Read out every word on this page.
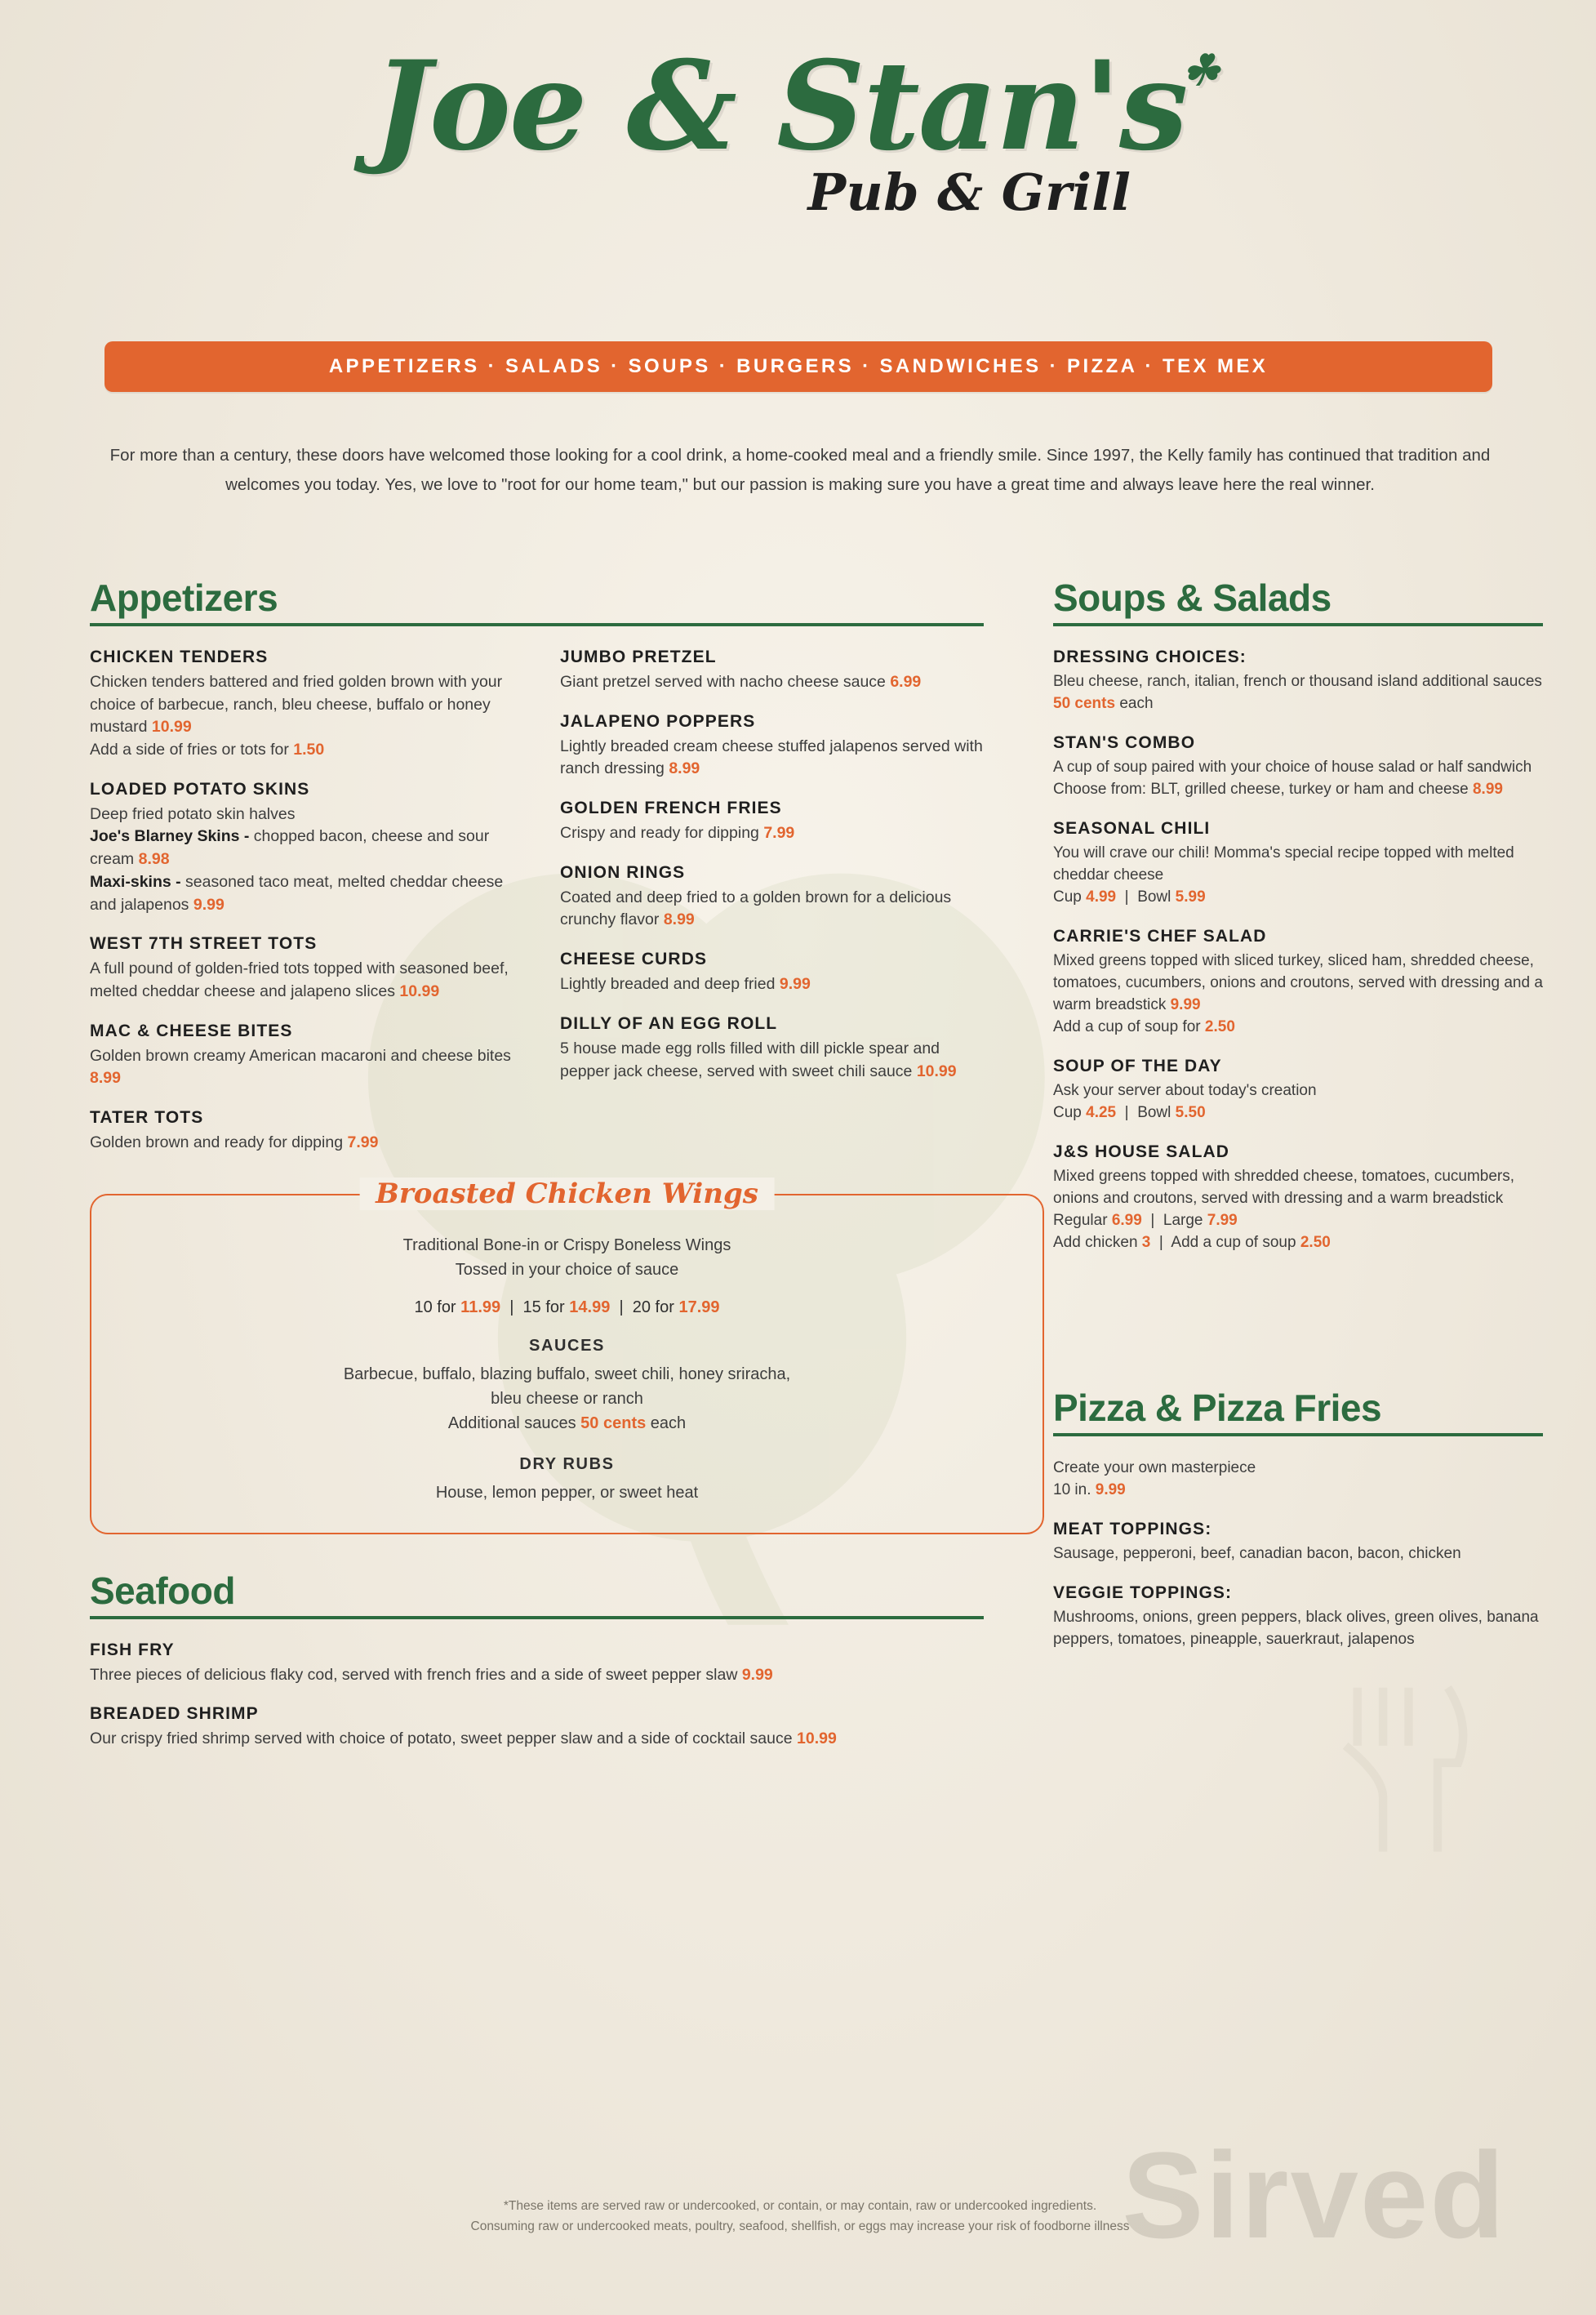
Sirved
Joe & Stan's☘
Pub & Grill
APPETIZERS · SALADS · SOUPS · BURGERS · SANDWICHES · PIZZA · TEX MEX
For more than a century, these doors have welcomed those looking for a cool drink, a home-cooked meal and a friendly smile. Since 1997, the Kelly family has continued that tradition and welcomes you today. Yes, we love to "root for our home team," but our passion is making sure you have a great time and always leave here the real winner.
Appetizers
CHICKEN TENDERS
Chicken tenders battered and fried golden brown with your choice of barbecue, ranch, bleu cheese, buffalo or honey mustard 10.99
Add a side of fries or tots for 1.50
LOADED POTATO SKINS
Deep fried potato skin halves
Joe's Blarney Skins - chopped bacon, cheese and sour cream 8.98
Maxi-skins - seasoned taco meat, melted cheddar cheese and jalapenos 9.99
WEST 7TH STREET TOTS
A full pound of golden-fried tots topped with seasoned beef, melted cheddar cheese and jalapeno slices 10.99
MAC & CHEESE BITES
Golden brown creamy American macaroni and cheese bites 8.99
TATER TOTS
Golden brown and ready for dipping 7.99
JUMBO PRETZEL
Giant pretzel served with nacho cheese sauce 6.99
JALAPENO POPPERS
Lightly breaded cream cheese stuffed jalapenos served with ranch dressing 8.99
GOLDEN FRENCH FRIES
Crispy and ready for dipping 7.99
ONION RINGS
Coated and deep fried to a golden brown for a delicious crunchy flavor 8.99
CHEESE CURDS
Lightly breaded and deep fried 9.99
DILLY OF AN EGG ROLL
5 house made egg rolls filled with dill pickle spear and pepper jack cheese, served with sweet chili sauce 10.99
Broasted Chicken Wings
Traditional Bone-in or Crispy Boneless Wings
Tossed in your choice of sauce
10 for 11.99  |  15 for 14.99  |  20 for 17.99
SAUCES
Barbecue, buffalo, blazing buffalo, sweet chili, honey sriracha,
bleu cheese or ranch
Additional sauces 50 cents each
DRY RUBS
House, lemon pepper, or sweet heat
Seafood
FISH FRY
Three pieces of delicious flaky cod, served with french fries and a side of sweet pepper slaw 9.99
BREADED SHRIMP
Our crispy fried shrimp served with choice of potato, sweet pepper slaw and a side of cocktail sauce 10.99
Soups & Salads
DRESSING CHOICES:
Bleu cheese, ranch, italian, french or thousand island additional sauces 50 cents each
STAN'S COMBO
A cup of soup paired with your choice of house salad or half sandwich Choose from: BLT, grilled cheese, turkey or ham and cheese 8.99
SEASONAL CHILI
You will crave our chili! Momma's special recipe topped with melted cheddar cheese
Cup 4.99  |  Bowl 5.99
CARRIE'S CHEF SALAD
Mixed greens topped with sliced turkey, sliced ham, shredded cheese, tomatoes, cucumbers, onions and croutons, served with dressing and a warm breadstick 9.99
Add a cup of soup for 2.50
SOUP OF THE DAY
Ask your server about today's creation
Cup 4.25  |  Bowl 5.50
J&S HOUSE SALAD
Mixed greens topped with shredded cheese, tomatoes, cucumbers, onions and croutons, served with dressing and a warm breadstick
Regular 6.99  |  Large 7.99
Add chicken 3  |  Add a cup of soup 2.50
Pizza & Pizza Fries
Create your own masterpiece
10 in. 9.99
MEAT TOPPINGS:
Sausage, pepperoni, beef, canadian bacon, bacon, chicken
VEGGIE TOPPINGS:
Mushrooms, onions, green peppers, black olives, green olives, banana peppers, tomatoes, pineapple, sauerkraut, jalapenos
*These items are served raw or undercooked, or contain, or may contain, raw or undercooked ingredients.
Consuming raw or undercooked meats, poultry, seafood, shellfish, or eggs may increase your risk of foodborne illness
